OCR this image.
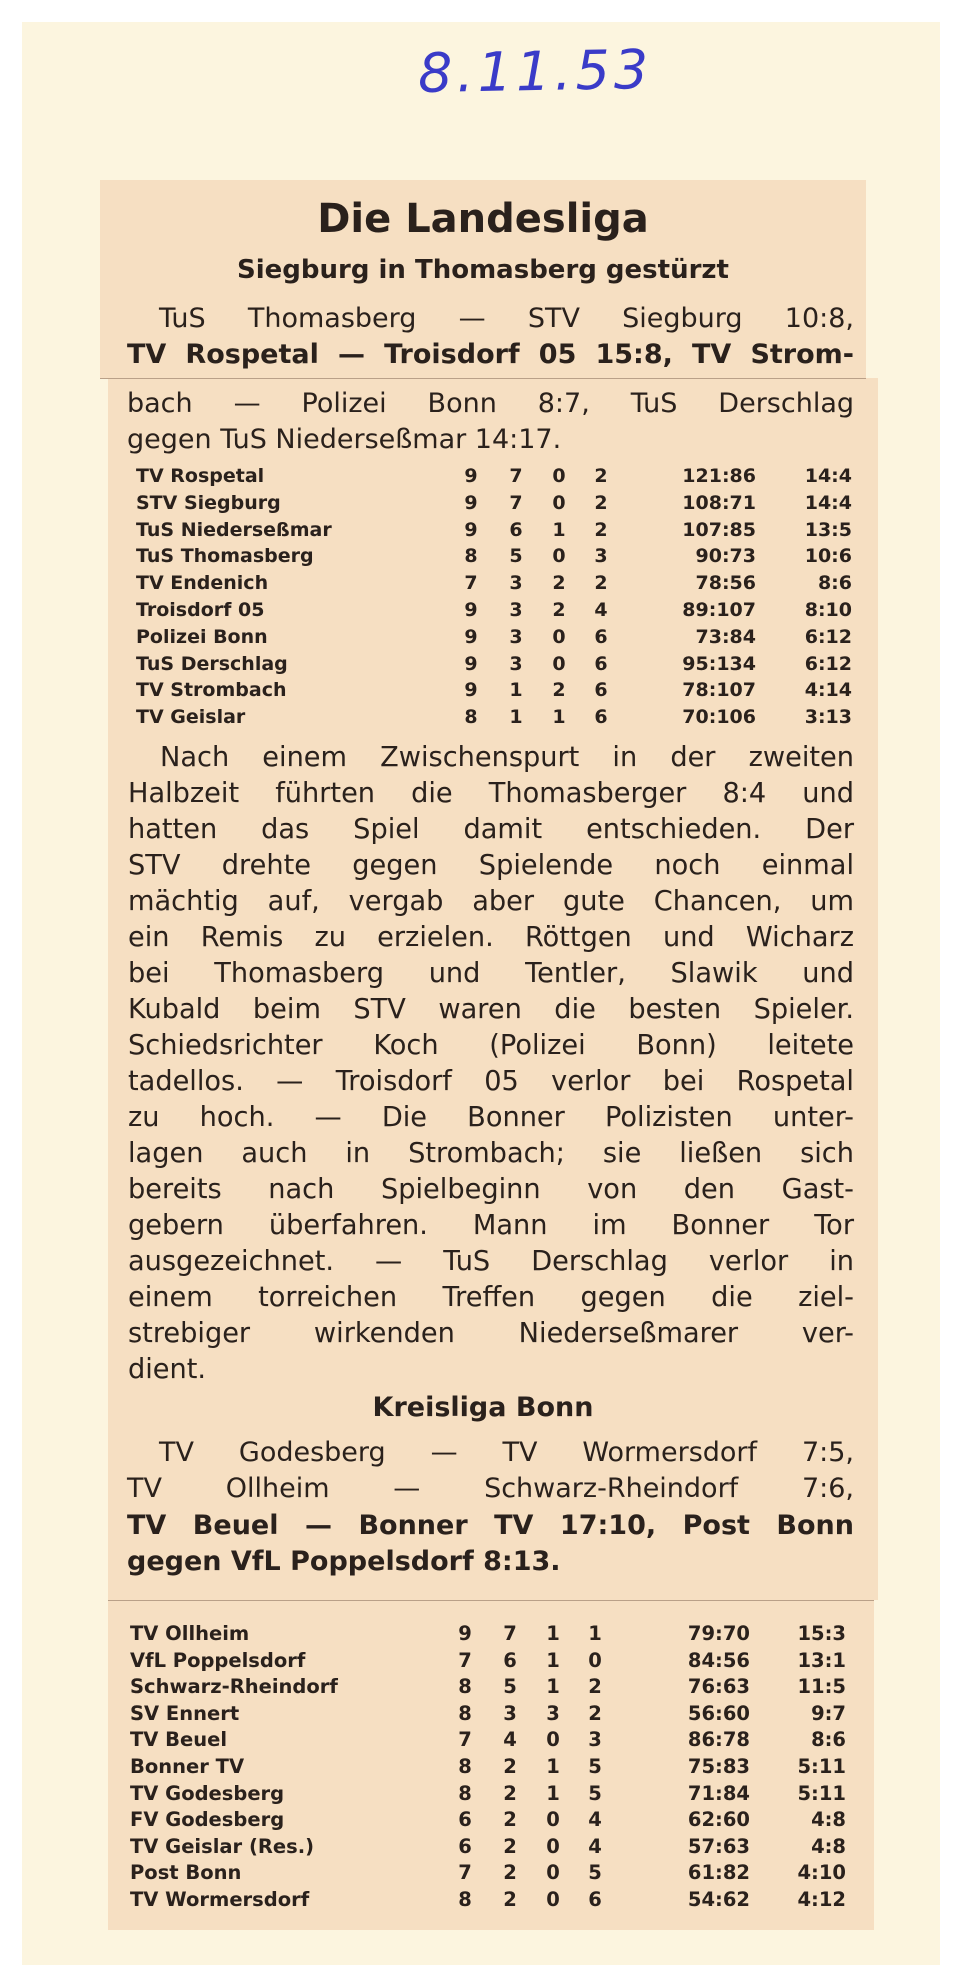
8.11.53
Die Landesliga
Siegburg in Thomasberg gestürzt
TuS Thomasberg — STV Siegburg 10:8,
TV Rospetal — Troisdorf 05 15:8, TV Strom-
bach — Polizei Bonn 8:7, TuS Derschlag
gegen TuS Niederseßmar 14:17.
TV Rospetal	9 7 0 2	121:86	14:4
STV Siegburg	9 7 0 2	108:71	14:4
TuS Niederseßmar	9 6 1 2	107:85	13:5
TuS Thomasberg	8 5 0 3	90:73	10:6
TV Endenich	7 3 2 2	78:56	8:6
Troisdorf 05	9 3 2 4	89:107	8:10
Polizei Bonn	9 3 0 6	73:84	6:12
TuS Derschlag	9 3 0 6	95:134	6:12
TV Strombach	9 1 2 6	78:107	4:14
TV Geislar	8 1 1 6	70:106	3:13
Nach einem Zwischenspurt in der zweiten
Halbzeit führten die Thomasberger 8:4 und
hatten das Spiel damit entschieden. Der
STV drehte gegen Spielende noch einmal
mächtig auf, vergab aber gute Chancen, um
ein Remis zu erzielen. Röttgen und Wicharz
bei Thomasberg und Tentler, Slawik und
Kubald beim STV waren die besten Spieler.
Schiedsrichter Koch (Polizei Bonn) leitete
tadellos. — Troisdorf 05 verlor bei Rospetal
zu hoch. — Die Bonner Polizisten unter-
lagen auch in Strombach; sie ließen sich
bereits nach Spielbeginn von den Gast-
gebern überfahren. Mann im Bonner Tor
ausgezeichnet. — TuS Derschlag verlor in
einem torreichen Treffen gegen die ziel-
strebiger wirkenden Niederseßmarer ver-
dient.
Kreisliga Bonn
TV Godesberg — TV Wormersdorf 7:5,
TV Ollheim — Schwarz-Rheindorf 7:6,
TV Beuel — Bonner TV 17:10, Post Bonn
gegen VfL Poppelsdorf 8:13.
TV Ollheim	9 7 1 1	79:70	15:3
VfL Poppelsdorf	7 6 1 0	84:56	13:1
Schwarz-Rheindorf	8 5 1 2	76:63	11:5
SV Ennert	8 3 3 2	56:60	9:7
TV Beuel	7 4 0 3	86:78	8:6
Bonner TV	8 2 1 5	75:83	5:11
TV Godesberg	8 2 1 5	71:84	5:11
FV Godesberg	6 2 0 4	62:60	4:8
TV Geislar (Res.)	6 2 0 4	57:63	4:8
Post Bonn	7 2 0 5	61:82	4:10
TV Wormersdorf	8 2 0 6	54:62	4:12
